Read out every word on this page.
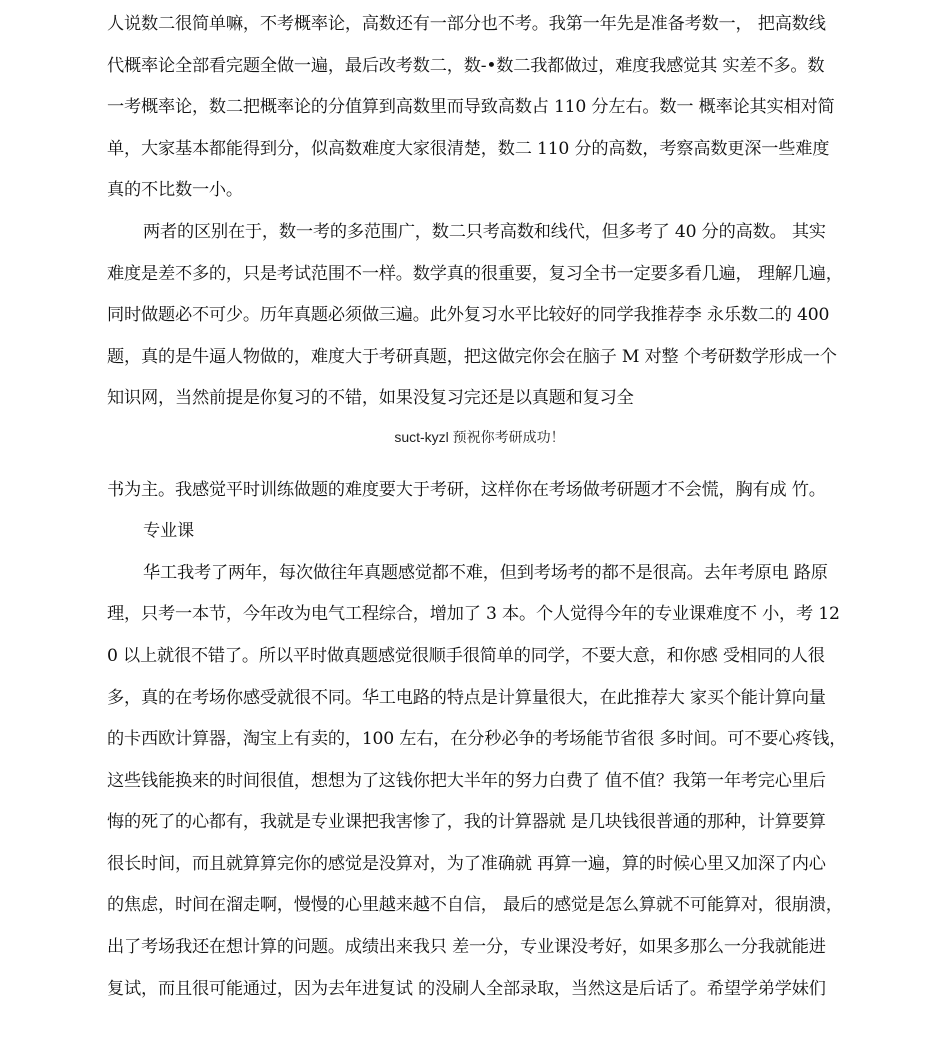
人说数二很简单嘛，不考概率论，高数还有一部分也不考。我第一年先是准备考数一， 把高数线
代概率论全部看完题全做一遍，最后改考数二，数-•数二我都做过，难度我感觉其 实差不多。数
一考概率论，数二把概率论的分值算到高数里而导致高数占 110 分左右。数一 概率论其实相对简
单，大家基本都能得到分，似高数难度大家很清楚，数二 110 分的高数，考察高数更深一些难度
真的不比数一小。
两者的区别在于，数一考的多范围广，数二只考高数和线代，但多考了 40 分的高数。 其实
难度是差不多的，只是考试范围不一样。数学真的很重要，复习全书一定要多看几遍， 理解几遍，
同时做题必不可少。历年真题必须做三遍。此外复习水平比较好的同学我推荐李 永乐数二的 400
题，真的是牛逼人物做的，难度大于考研真题，把这做完你会在脑子 M 对整 个考研数学形成一个
知识网，当然前提是你复习的不错，如果没复习完还是以真题和复习全
suct-kyzl 预祝你考研成功！
书为主。我感觉平时训练做题的难度要大于考研，这样你在考场做考研题才不会慌，胸有成 竹。
专业课
华工我考了两年，每次做往年真题感觉都不难，但到考场考的都不是很高。去年考原电 路原
理，只考一本节，今年改为电气工程综合，增加了 3 本。个人觉得今年的专业课难度不 小，考 12
0 以上就很不错了。所以平时做真题感觉很顺手很简单的同学，不要大意，和你感 受相同的人很
多，真的在考场你感受就很不同。华工电路的特点是计算量很大，在此推荐大 家买个能计算向量
的卡西欧计算器，淘宝上有卖的，100 左右，在分秒必争的考场能节省很 多时间。可不要心疼钱，
这些钱能换来的时间很值，想想为了这钱你把大半年的努力白费了 值不值？我第一年考完心里后
悔的死了的心都有，我就是专业课把我害惨了，我的计算器就 是几块钱很普通的那种，计算要算
很长时间，而且就算算完你的感觉是没算对，为了准确就 再算一遍，算的时候心里又加深了内心
的焦虑，时间在溜走啊，慢慢的心里越来越不自信， 最后的感觉是怎么算就不可能算对，很崩溃，
出了考场我还在想计算的问题。成绩出来我只 差一分，专业课没考好，如果多那么一分我就能进
复试，而且很可能通过，因为去年进复试 的没刷人全部录取，当然这是后话了。希望学弟学妹们
